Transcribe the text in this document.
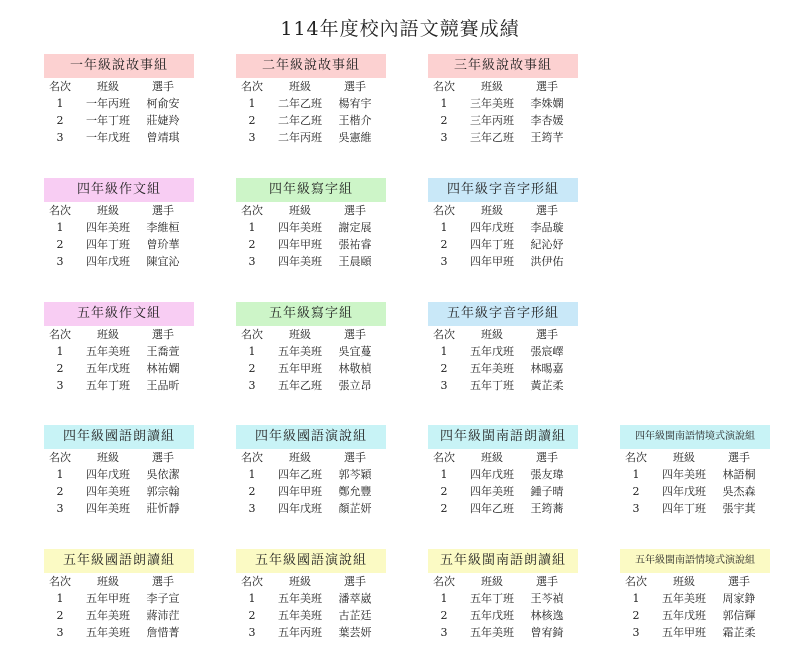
114年度校內語文競賽成績
一年級說故事組
名次	班級	選手
1	一年丙班	柯俞安
2	一年丁班	莊婕羚
3	一年戊班	曾靖琪
二年級說故事組
名次	班級	選手
1	二年乙班	楊宥宇
2	二年乙班	王楷介
3	二年丙班	吳憲維
三年級說故事組
名次	班級	選手
1	三年美班	李姝嫻
2	三年丙班	李杏媛
3	三年乙班	王筠芊
四年級作文組
名次	班級	選手
1	四年美班	李維桓
2	四年丁班	曾玠華
3	四年戊班	陳宜沁
四年級寫字組
名次	班級	選手
1	四年美班	謝定展
2	四年甲班	張祐睿
3	四年美班	王晨頤
四年級字音字形組
名次	班級	選手
1	四年戊班	李品璇
2	四年丁班	紀沁妤
3	四年甲班	洪伊佑
五年級作文組
名次	班級	選手
1	五年美班	王喬萱
2	五年戊班	林祐嫻
3	五年丁班	王品昕
五年級寫字組
名次	班級	選手
1	五年美班	吳宜蔓
2	五年甲班	林敬楨
3	五年乙班	張立昂
五年級字音字形組
名次	班級	選手
1	五年戊班	張宸嶧
2	五年美班	林晹嘉
3	五年丁班	黃芷柔
四年級國語朗讀組
名次	班級	選手
1	四年戊班	吳依潔
2	四年美班	郭宗翰
3	四年美班	莊忻靜
四年級國語演說組
名次	班級	選手
1	四年乙班	郭芩穎
2	四年甲班	鄭允豐
3	四年戊班	顏芷妍
四年級閩南語朗讀組
名次	班級	選手
1	四年戊班	張友瑋
2	四年美班	鍾子晴
2	四年乙班	王筠蕎
四年級閩南語情境式演說組
名次	班級	選手
1	四年美班	林語桐
2	四年戊班	吳杰森
3	四年丁班	張宇萁
五年級國語朗讀組
名次	班級	選手
1	五年甲班	李子宣
2	五年美班	蔣沛茳
3	五年美班	詹惜菁
五年級國語演說組
名次	班級	選手
1	五年美班	潘萃崴
2	五年美班	古芷廷
3	五年丙班	葉芸妍
五年級閩南語朗讀組
名次	班級	選手
1	五年丁班	王芩禎
2	五年戊班	林核逸
3	五年美班	曾宥錡
五年級閩南語情境式演說組
名次	班級	選手
1	五年美班	周家錚
2	五年戊班	郭信輝
3	五年甲班	霜芷柔
